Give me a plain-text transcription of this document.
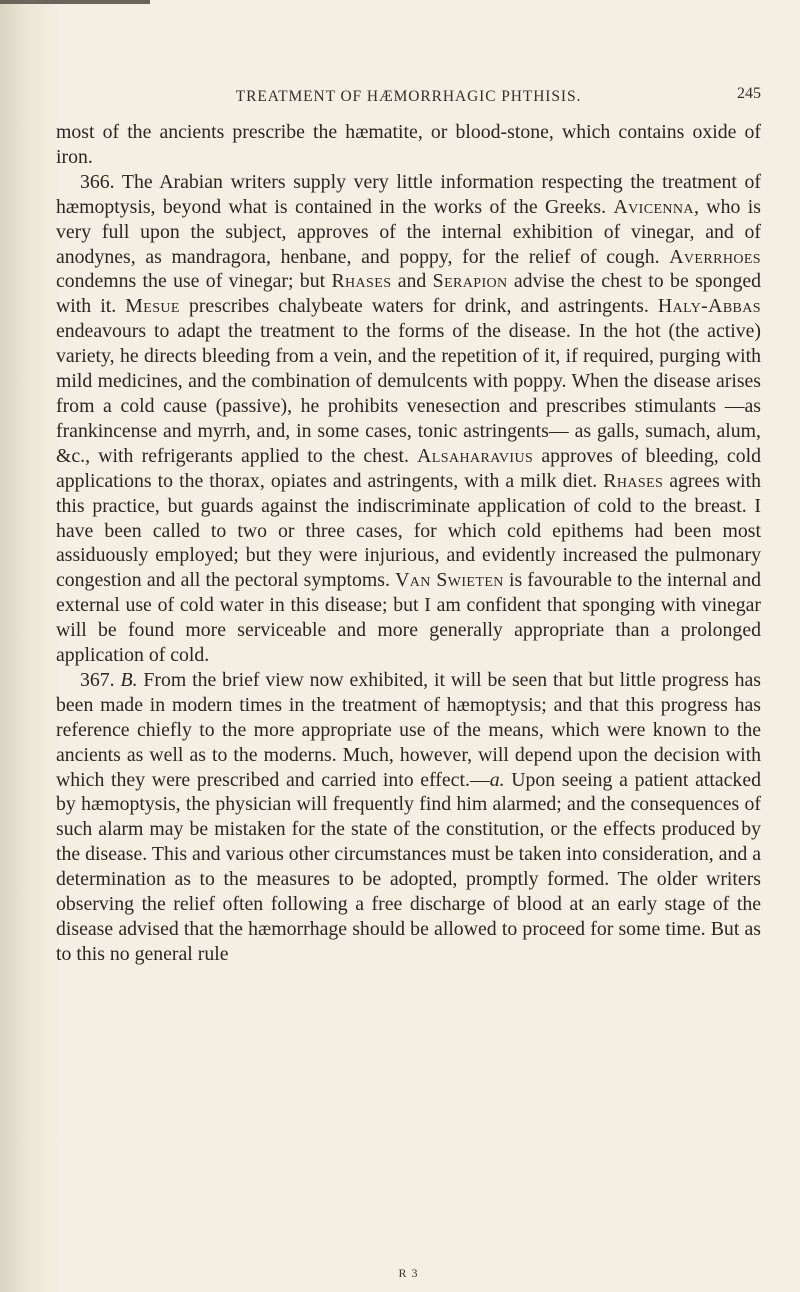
TREATMENT OF HÆMORRHAGIC PHTHISIS.	245

most of the ancients prescribe the hæmatite, or blood-stone, which contains oxide of iron.

366. The Arabian writers supply very little information respecting the treatment of hæmoptysis, beyond what is contained in the works of the Greeks. Avicenna, who is very full upon the subject, approves of the internal exhibition of vinegar, and of anodynes, as mandragora, henbane, and poppy, for the relief of cough. Averrhoes condemns the use of vinegar; but Rhases and Serapion advise the chest to be sponged with it. Mesue prescribes chalybeate waters for drink, and astringents. Haly-Abbas endeavours to adapt the treatment to the forms of the disease. In the hot (the active) variety, he directs bleeding from a vein, and the repetition of it, if required, purging with mild medicines, and the combination of demulcents with poppy. When the disease arises from a cold cause (passive), he prohibits venesection and prescribes stimulants —as frankincense and myrrh, and, in some cases, tonic astringents— as galls, sumach, alum, &c., with refrigerants applied to the chest. Alsaharavius approves of bleeding, cold applications to the thorax, opiates and astringents, with a milk diet. Rhases agrees with this practice, but guards against the indiscriminate application of cold to the breast. I have been called to two or three cases, for which cold epithems had been most assiduously employed; but they were injurious, and evidently increased the pulmonary congestion and all the pectoral symptoms. Van Swieten is favourable to the internal and external use of cold water in this disease; but I am confident that sponging with vinegar will be found more serviceable and more generally appropriate than a prolonged application of cold.

367. B. From the brief view now exhibited, it will be seen that but little progress has been made in modern times in the treatment of hæmoptysis; and that this progress has reference chiefly to the more appropriate use of the means, which were known to the ancients as well as to the moderns. Much, however, will depend upon the decision with which they were prescribed and carried into effect.—a. Upon seeing a patient attacked by hæmoptysis, the physician will frequently find him alarmed; and the consequences of such alarm may be mistaken for the state of the constitution, or the effects produced by the disease. This and various other circumstances must be taken into consideration, and a determination as to the measures to be adopted, promptly formed. The older writers observing the relief often following a free discharge of blood at an early stage of the disease advised that the hæmorrhage should be allowed to proceed for some time. But as to this no general rule

R 3
